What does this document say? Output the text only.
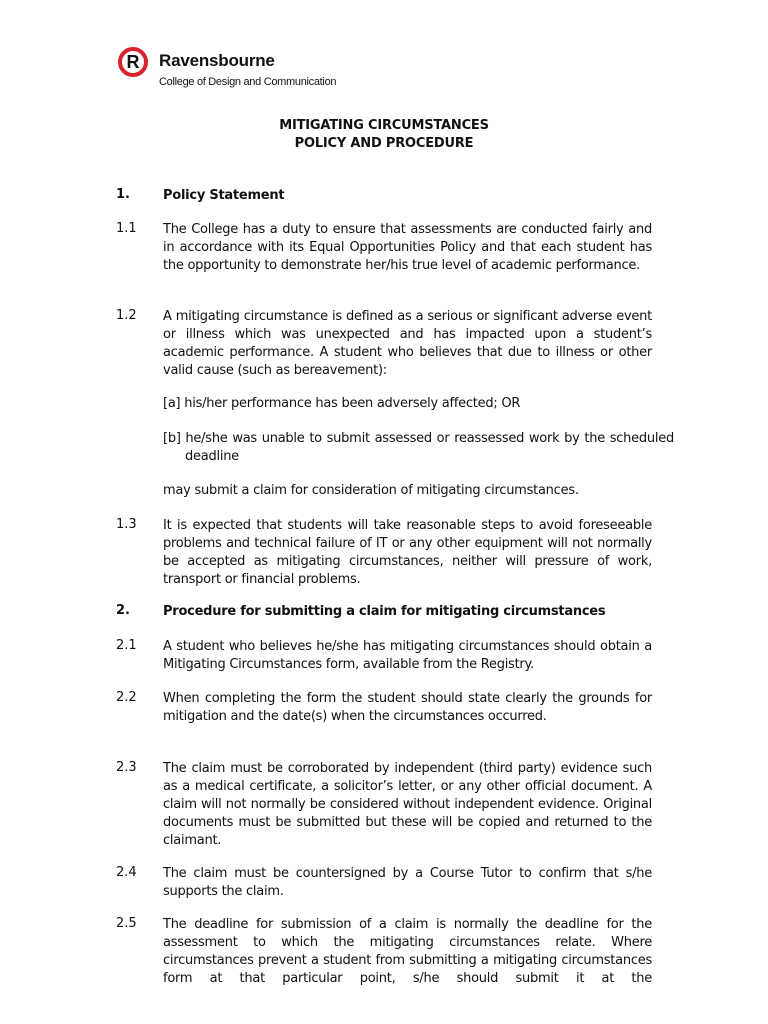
R Ravensbourne
College of Design and Communication
MITIGATING CIRCUMSTANCES
POLICY AND PROCEDURE
1.	Policy Statement
1.1 The College has a duty to ensure that assessments are conducted fairly and in accordance with its Equal Opportunities Policy and that each student has the opportunity to demonstrate her/his true level of academic performance.
1.2 A mitigating circumstance is defined as a serious or significant adverse event or illness which was unexpected and has impacted upon a student’s academic performance. A student who believes that due to illness or other valid cause (such as bereavement):
[a] his/her performance has been adversely affected; OR
[b] he/she was unable to submit assessed or reassessed work by the scheduled deadline
may submit a claim for consideration of mitigating circumstances.
1.3 It is expected that students will take reasonable steps to avoid foreseeable problems and technical failure of IT or any other equipment will not normally be accepted as mitigating circumstances, neither will pressure of work, transport or financial problems.
2.	Procedure for submitting a claim for mitigating circumstances
2.1 A student who believes he/she has mitigating circumstances should obtain a Mitigating Circumstances form, available from the Registry.
2.2 When completing the form the student should state clearly the grounds for mitigation and the date(s) when the circumstances occurred.
2.3 The claim must be corroborated by independent (third party) evidence such as a medical certificate, a solicitor’s letter, or any other official document. A claim will not normally be considered without independent evidence. Original documents must be submitted but these will be copied and returned to the claimant.
2.4 The claim must be countersigned by a Course Tutor to confirm that s/he supports the claim.
2.5 The deadline for submission of a claim is normally the deadline for the assessment to which the mitigating circumstances relate. Where circumstances prevent a student from submitting a mitigating circumstances form at that particular point, s/he should submit it at the
